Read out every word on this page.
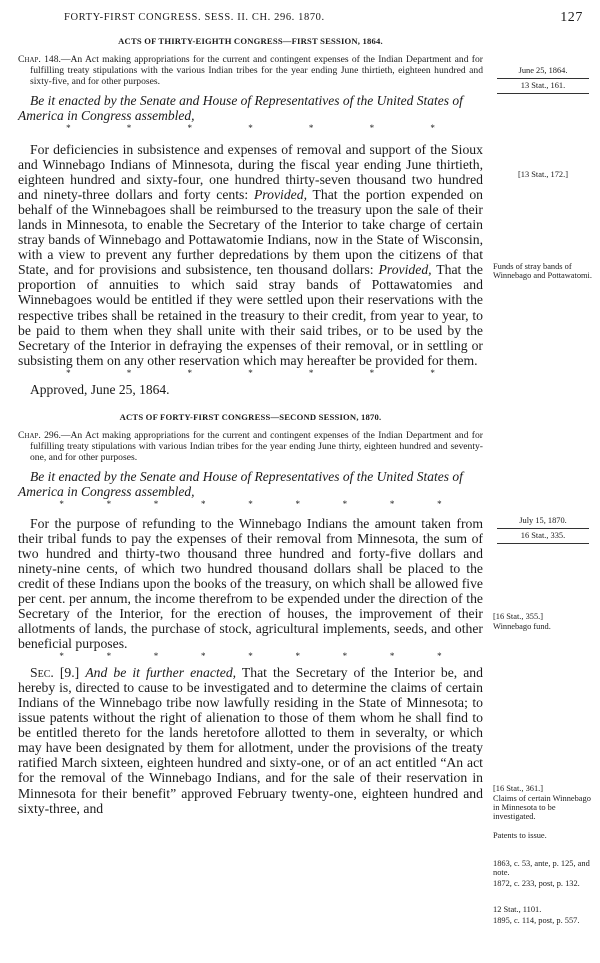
FORTY-FIRST CONGRESS. SESS. II. CH. 296. 1870.	127
ACTS OF THIRTY-EIGHTH CONGRESS—FIRST SESSION, 1864.

Chap. 148.—An Act making appropriations for the current and contingent expenses of the Indian Department and for fulfilling treaty stipulations with the various Indian tribes for the year ending June thirtieth, eighteen hundred and sixty-five, and for other purposes.

Be it enacted by the Senate and House of Representatives of the United States of America in Congress assembled,

*	*	*	*	*	*	*

For deficiencies in subsistence and expenses of removal and support of the Sioux and Winnebago Indians of Minnesota, during the fiscal year ending June thirtieth, eighteen hundred and sixty-four, one hundred thirty-seven thousand two hundred and ninety-three dollars and forty cents: Provided, That the portion expended on behalf of the Winnebagoes shall be reimbursed to the treasury upon the sale of their lands in Minnesota, to enable the Secretary of the Interior to take charge of certain stray bands of Winnebago and Pottawatomie Indians, now in the State of Wisconsin, with a view to prevent any further depredations by them upon the citizens of that State, and for provisions and subsistence, ten thousand dollars: Provided, That the proportion of annuities to which said stray bands of Pottawatomies and Winnebagoes would be entitled if they were settled upon their reservations with the respective tribes shall be retained in the treasury to their credit, from year to year, to be paid to them when they shall unite with their said tribes, or to be used by the Secretary of the Interior in defraying the expenses of their removal, or in settling or subsisting them on any other reservation which may hereafter be provided for them.

*	*	*	*	*	*	*

Approved, June 25, 1864.

ACTS OF FORTY-FIRST CONGRESS—SECOND SESSION, 1870.

Chap. 296.—An Act making appropriations for the current and contingent expenses of the Indian Department and for fulfilling treaty stipulations with various Indian tribes for the year ending June thirty, eighteen hundred and seventy-one, and for other purposes.

Be it enacted by the Senate and House of Representatives of the United States of America in Congress assembled,

*	*	*	*	*	*	*	*	*

For the purpose of refunding to the Winnebago Indians the amount taken from their tribal funds to pay the expenses of their removal from Minnesota, the sum of two hundred and thirty-two thousand three hundred and forty-five dollars and ninety-nine cents, of which two hundred thousand dollars shall be placed to the credit of these Indians upon the books of the treasury, on which shall be allowed five per cent. per annum, the income therefrom to be expended under the direction of the Secretary of the Interior, for the erection of houses, the improvement of their allotments of lands, the purchase of stock, agricultural implements, seeds, and other beneficial purposes.

*	*	*	*	*	*	*	*	*

Sec. [9.] And be it further enacted, That the Secretary of the Interior be, and hereby is, directed to cause to be investigated and to determine the claims of certain Indians of the Winnebago tribe now lawfully residing in the State of Minnesota; to issue patents without the right of alienation to those of them whom he shall find to be entitled thereto for the lands heretofore allotted to them in severalty, or which may have been designated by them for allotment, under the provisions of the treaty ratified March sixteen, eighteen hundred and sixty-one, or of an act entitled “An act for the removal of the Winnebago Indians, and for the sale of their reservation in Minnesota for their benefit” approved February twenty-one, eighteen hundred and sixty-three, and

June 25, 1864.
13 Stat., 161.
[13 Stat., 172.]
Funds of stray bands of Winnebago and Pottawatomi.
July 15, 1870.
16 Stat., 335.
[16 Stat., 355.]
Winnebago fund.
[16 Stat., 361.]
Claims of certain Winnebago in Minnesota to be investigated.
Patents to issue.
1863, c. 53, ante, p. 125, and note.
1872, c. 233, post, p. 132.
12 Stat., 1101.
1895, c. 114, post, p. 557.
